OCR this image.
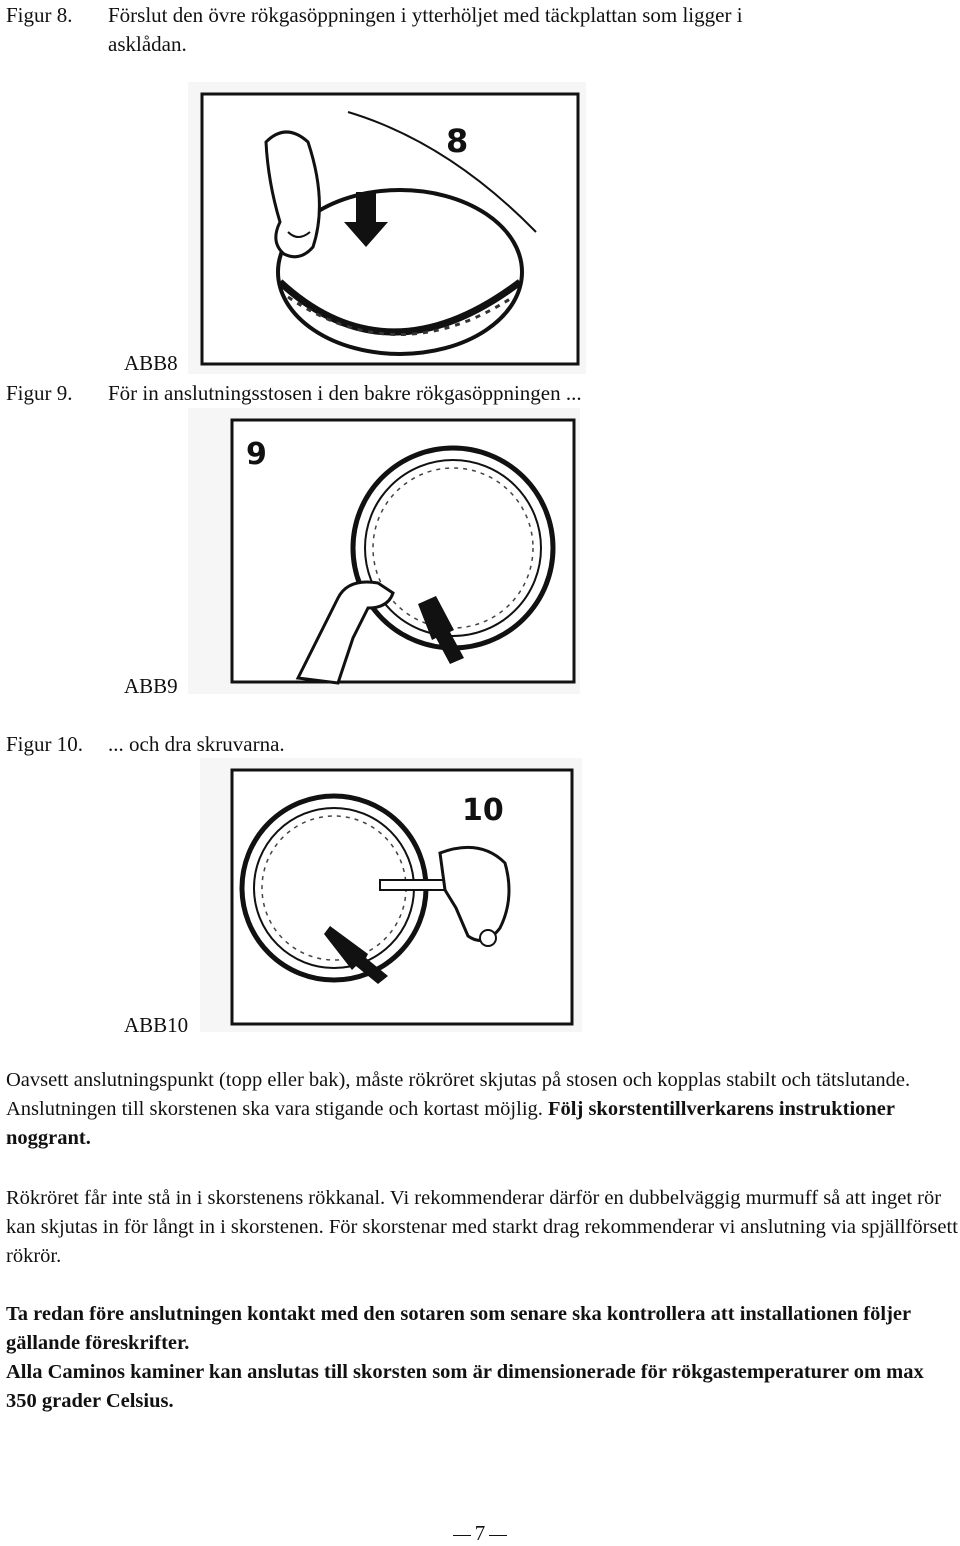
Figur 8. Förslut den övre rökgasöppningen i ytterhöljet med täckplattan som ligger i
asklådan.
8
ABB8
Figur 9. För in anslutningsstosen i den bakre rökgasöppningen ...
9
ABB9
Figur 10. ... och dra skruvarna.
10
ABB10
Oavsett anslutningspunkt (topp eller bak), måste rökröret skjutas på stosen och kopplas stabilt och tätslutande. Anslutningen till skorstenen ska vara stigande och kortast möjlig. Följ skorstentillverkarens instruktioner noggrant.
Rökröret får inte stå in i skorstenens rökkanal. Vi rekommenderar därför en dubbelväggig murmuff så att inget rör kan skjutas in för långt in i skorstenen. För skorstenar med starkt drag rekommenderar vi anslutning via spjällförsett rökrör.
Ta redan före anslutningen kontakt med den sotaren som senare ska kontrollera att installationen följer gällande föreskrifter.
Alla Caminos kaminer kan anslutas till skorsten som är dimensionerade för rökgastemperaturer om max 350 grader Celsius.
7
